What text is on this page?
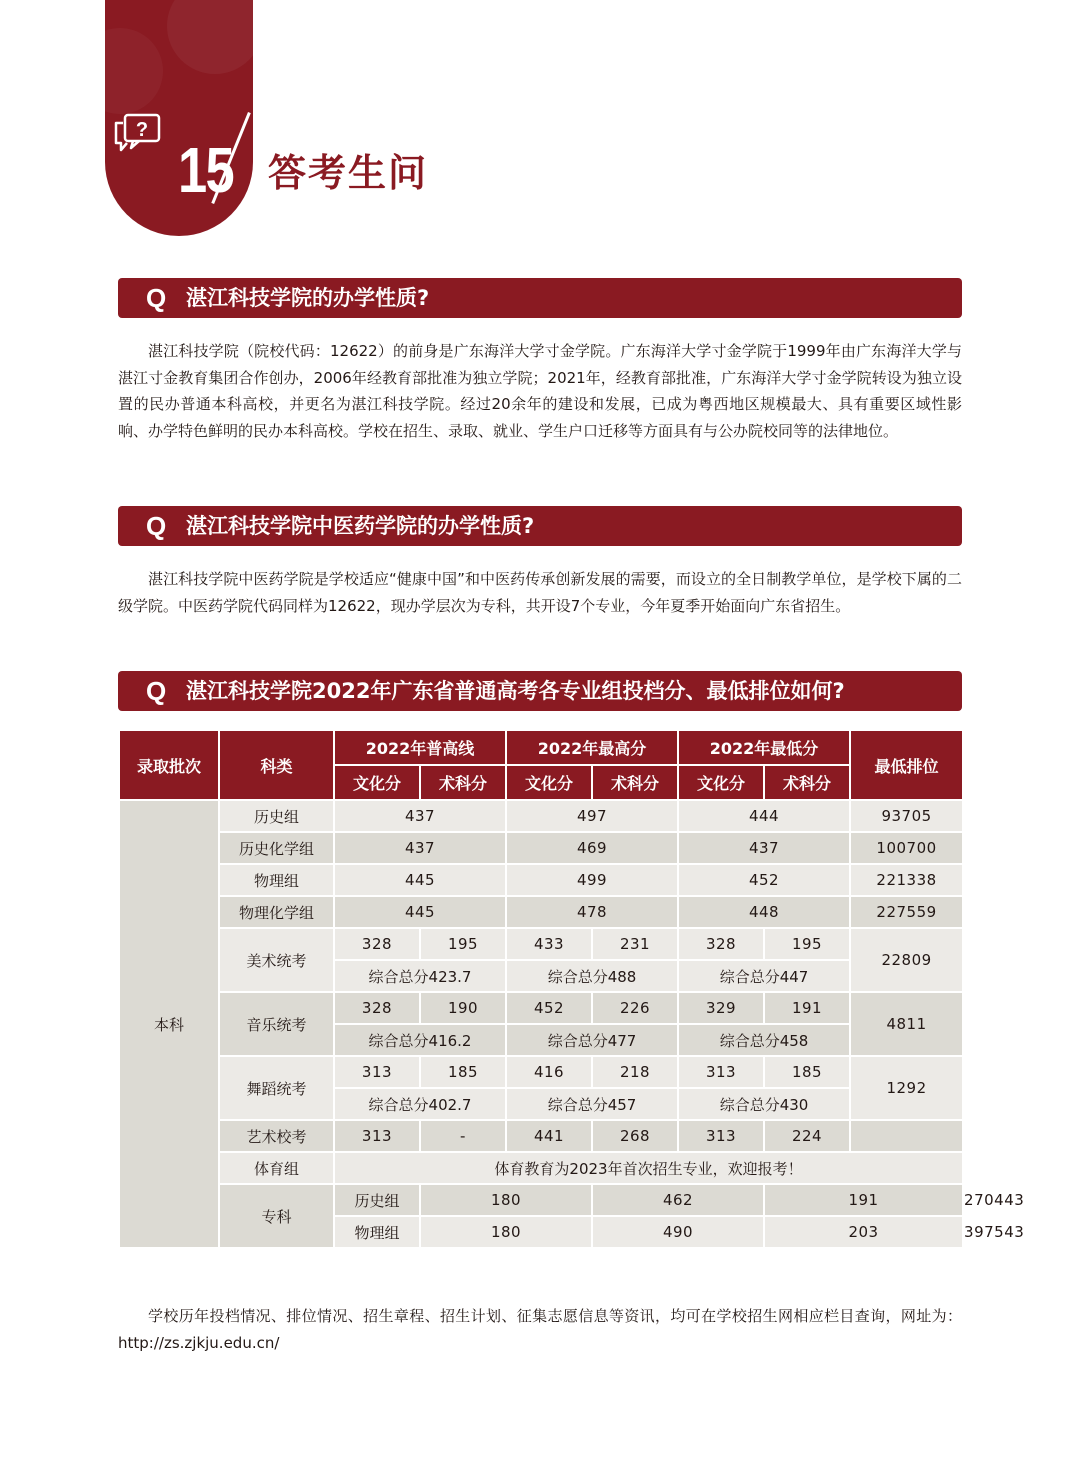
?
15 答考生问
Q 湛江科技学院的办学性质?

湛江科技学院（院校代码：12622）的前身是广东海洋大学寸金学院。广东海洋大学寸金学院于1999年由广东海洋大学与湛江寸金教育集团合作创办，2006年经教育部批准为独立学院；2021年，经教育部批准，广东海洋大学寸金学院转设为独立设置的民办普通本科高校，并更名为湛江科技学院。经过20余年的建设和发展，已成为粤西地区规模最大、具有重要区域性影响、办学特色鲜明的民办本科高校。学校在招生、录取、就业、学生户口迁移等方面具有与公办院校同等的法律地位。

Q 湛江科技学院中医药学院的办学性质?

湛江科技学院中医药学院是学校适应“健康中国”和中医药传承创新发展的需要，而设立的全日制教学单位，是学校下属的二级学院。中医药学院代码同样为12622，现办学层次为专科，共开设7个专业，今年夏季开始面向广东省招生。

Q 湛江科技学院2022年广东省普通高考各专业组投档分、最低排位如何?
录取批次	科类	2022年普高线		2022年最高分		2022年最低分		最低排位	
		文化分	术科分	文化分	术科分	文化分	术科分		
本科	历史组	437		497		444		93705	
	历史化学组	437		469		437		100700	
	物理组	445		499		452		221338	
	物理化学组	445		478		448		227559	
	美术统考	328	195	433	231	328	195	22809	
		综合总分423.7		综合总分488		综合总分447			
	音乐统考	328	190	452	226	329	191	4811	
		综合总分416.2		综合总分477		综合总分458			
	舞蹈统考	313	185	416	218	313	185	1292	
		综合总分402.7		综合总分457		综合总分430			
	艺术校考	313	-	441	268	313	224		
	体育组	体育教育为2023年首次招生专业，欢迎报考！							
	专科	历史组	180		462		191		270443
		物理组	180		490		203		397543

学校历年投档情况、排位情况、招生章程、招生计划、征集志愿信息等资讯，均可在学校招生网相应栏目查询，网址为：http://zs.zjkju.edu.cn/
